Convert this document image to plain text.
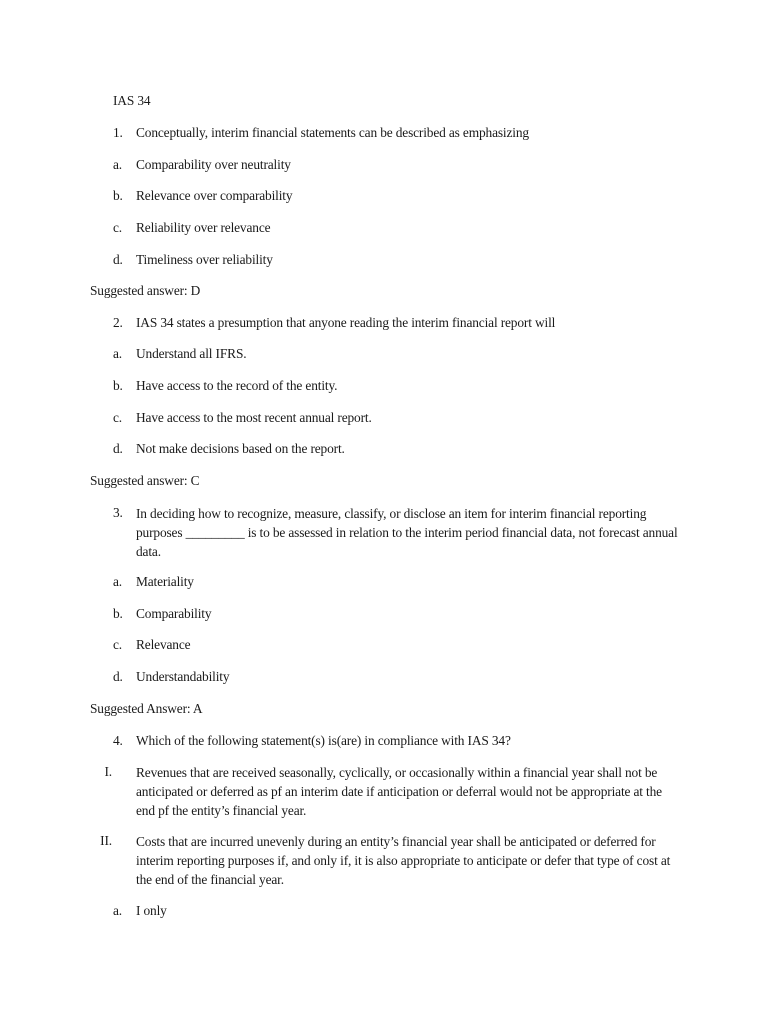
IAS 34
1. Conceptually, interim financial statements can be described as emphasizing
a. Comparability over neutrality
b. Relevance over comparability
c. Reliability over relevance
d. Timeliness over reliability
Suggested answer: D
2. IAS 34 states a presumption that anyone reading the interim financial report will
a. Understand all IFRS.
b. Have access to the record of the entity.
c. Have access to the most recent annual report.
d. Not make decisions based on the report.
Suggested answer: C
3. In deciding how to recognize, measure, classify, or disclose an item for interim financial reporting purposes _________ is to be assessed in relation to the interim period financial data, not forecast annual data.
a. Materiality
b. Comparability
c. Relevance
d. Understandability
Suggested Answer: A
4. Which of the following statement(s) is(are) in compliance with IAS 34?
I. Revenues that are received seasonally, cyclically, or occasionally within a financial year shall not be anticipated or deferred as pf an interim date if anticipation or deferral would not be appropriate at the end pf the entity’s financial year.
II. Costs that are incurred unevenly during an entity’s financial year shall be anticipated or deferred for interim reporting purposes if, and only if, it is also appropriate to anticipate or defer that type of cost at the end of the financial year.
a. I only
